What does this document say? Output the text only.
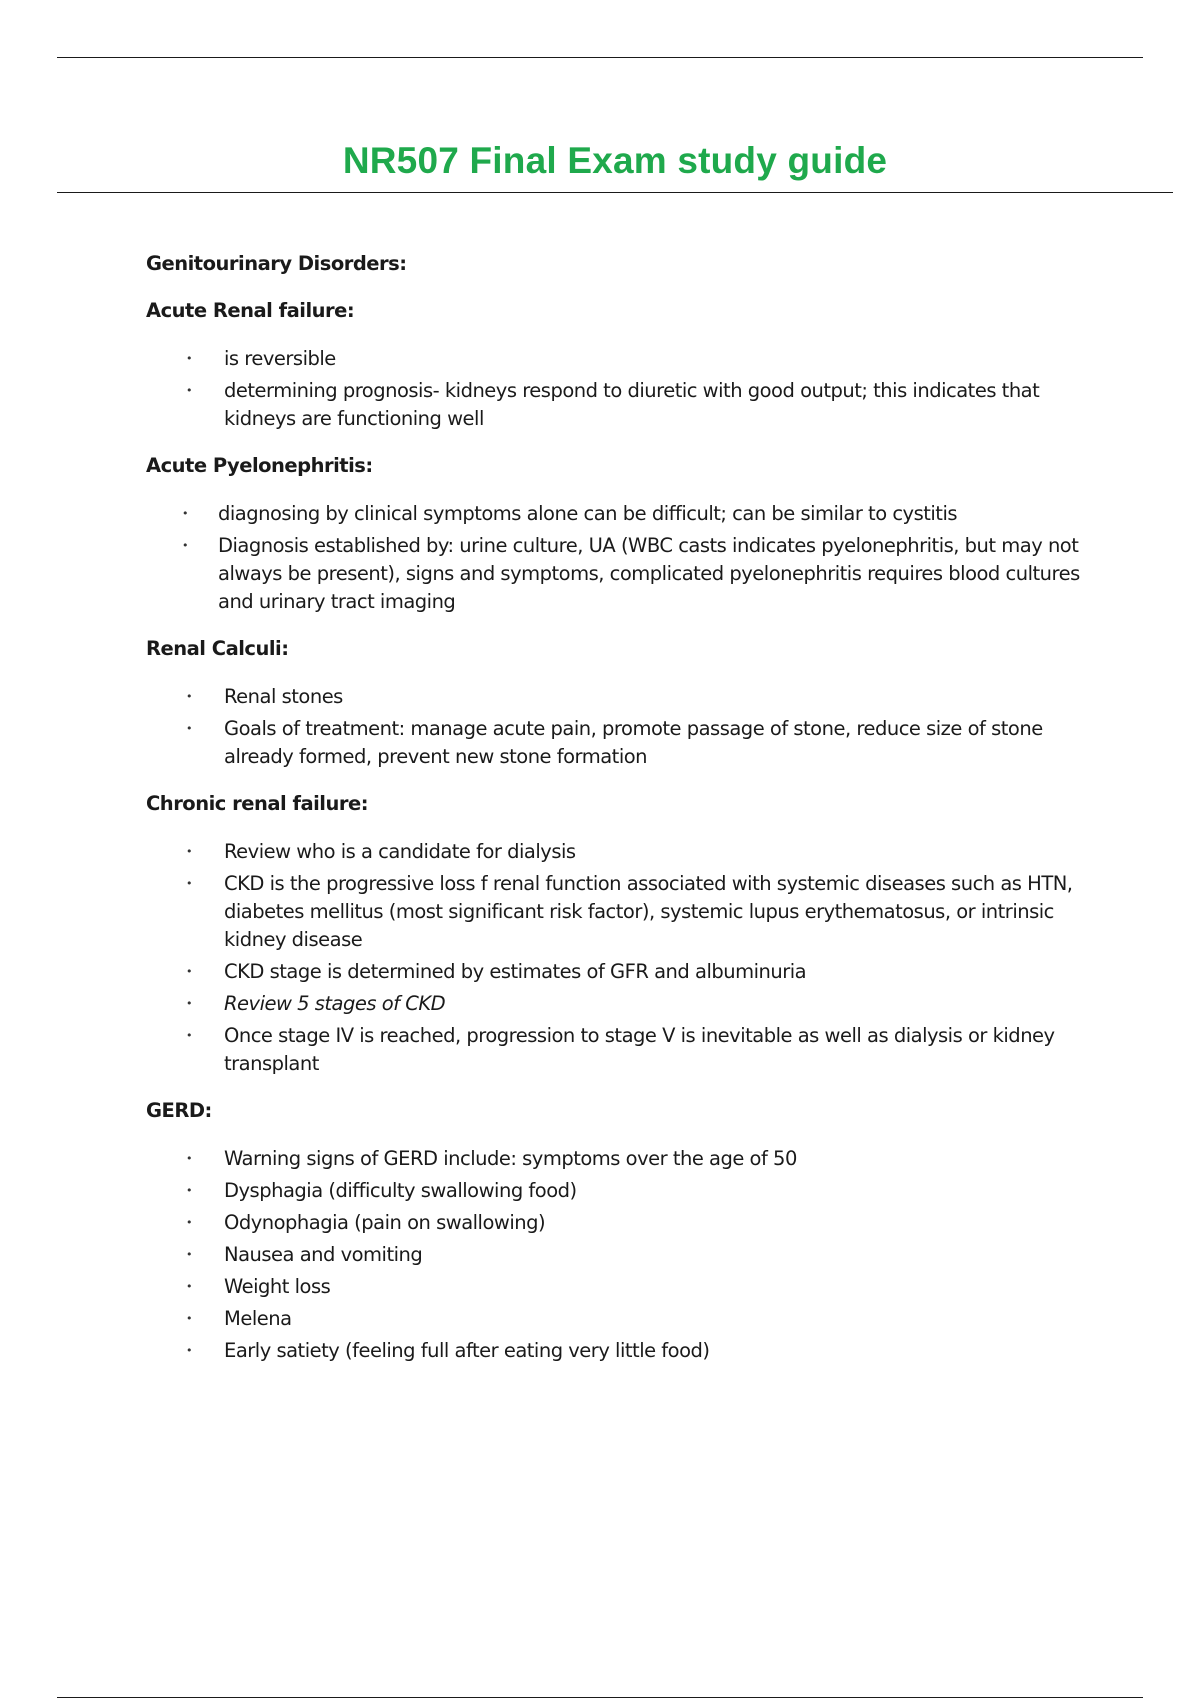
NR507 Final Exam study guide

Genitourinary Disorders:

Acute Renal failure:

• is reversible
• determining prognosis- kidneys respond to diuretic with good output; this indicates that kidneys are functioning well

Acute Pyelonephritis:

• diagnosing by clinical symptoms alone can be difficult; can be similar to cystitis
• Diagnosis established by: urine culture, UA (WBC casts indicates pyelonephritis, but may not always be present), signs and symptoms, complicated pyelonephritis requires blood cultures and urinary tract imaging

Renal Calculi:

• Renal stones
• Goals of treatment: manage acute pain, promote passage of stone, reduce size of stone already formed, prevent new stone formation

Chronic renal failure:

• Review who is a candidate for dialysis
• CKD is the progressive loss f renal function associated with systemic diseases such as HTN, diabetes mellitus (most significant risk factor), systemic lupus erythematosus, or intrinsic kidney disease
• CKD stage is determined by estimates of GFR and albuminuria
• Review 5 stages of CKD
• Once stage IV is reached, progression to stage V is inevitable as well as dialysis or kidney transplant

GERD:

• Warning signs of GERD include: symptoms over the age of 50
• Dysphagia (difficulty swallowing food)
• Odynophagia (pain on swallowing)
• Nausea and vomiting
• Weight loss
• Melena
• Early satiety (feeling full after eating very little food)
